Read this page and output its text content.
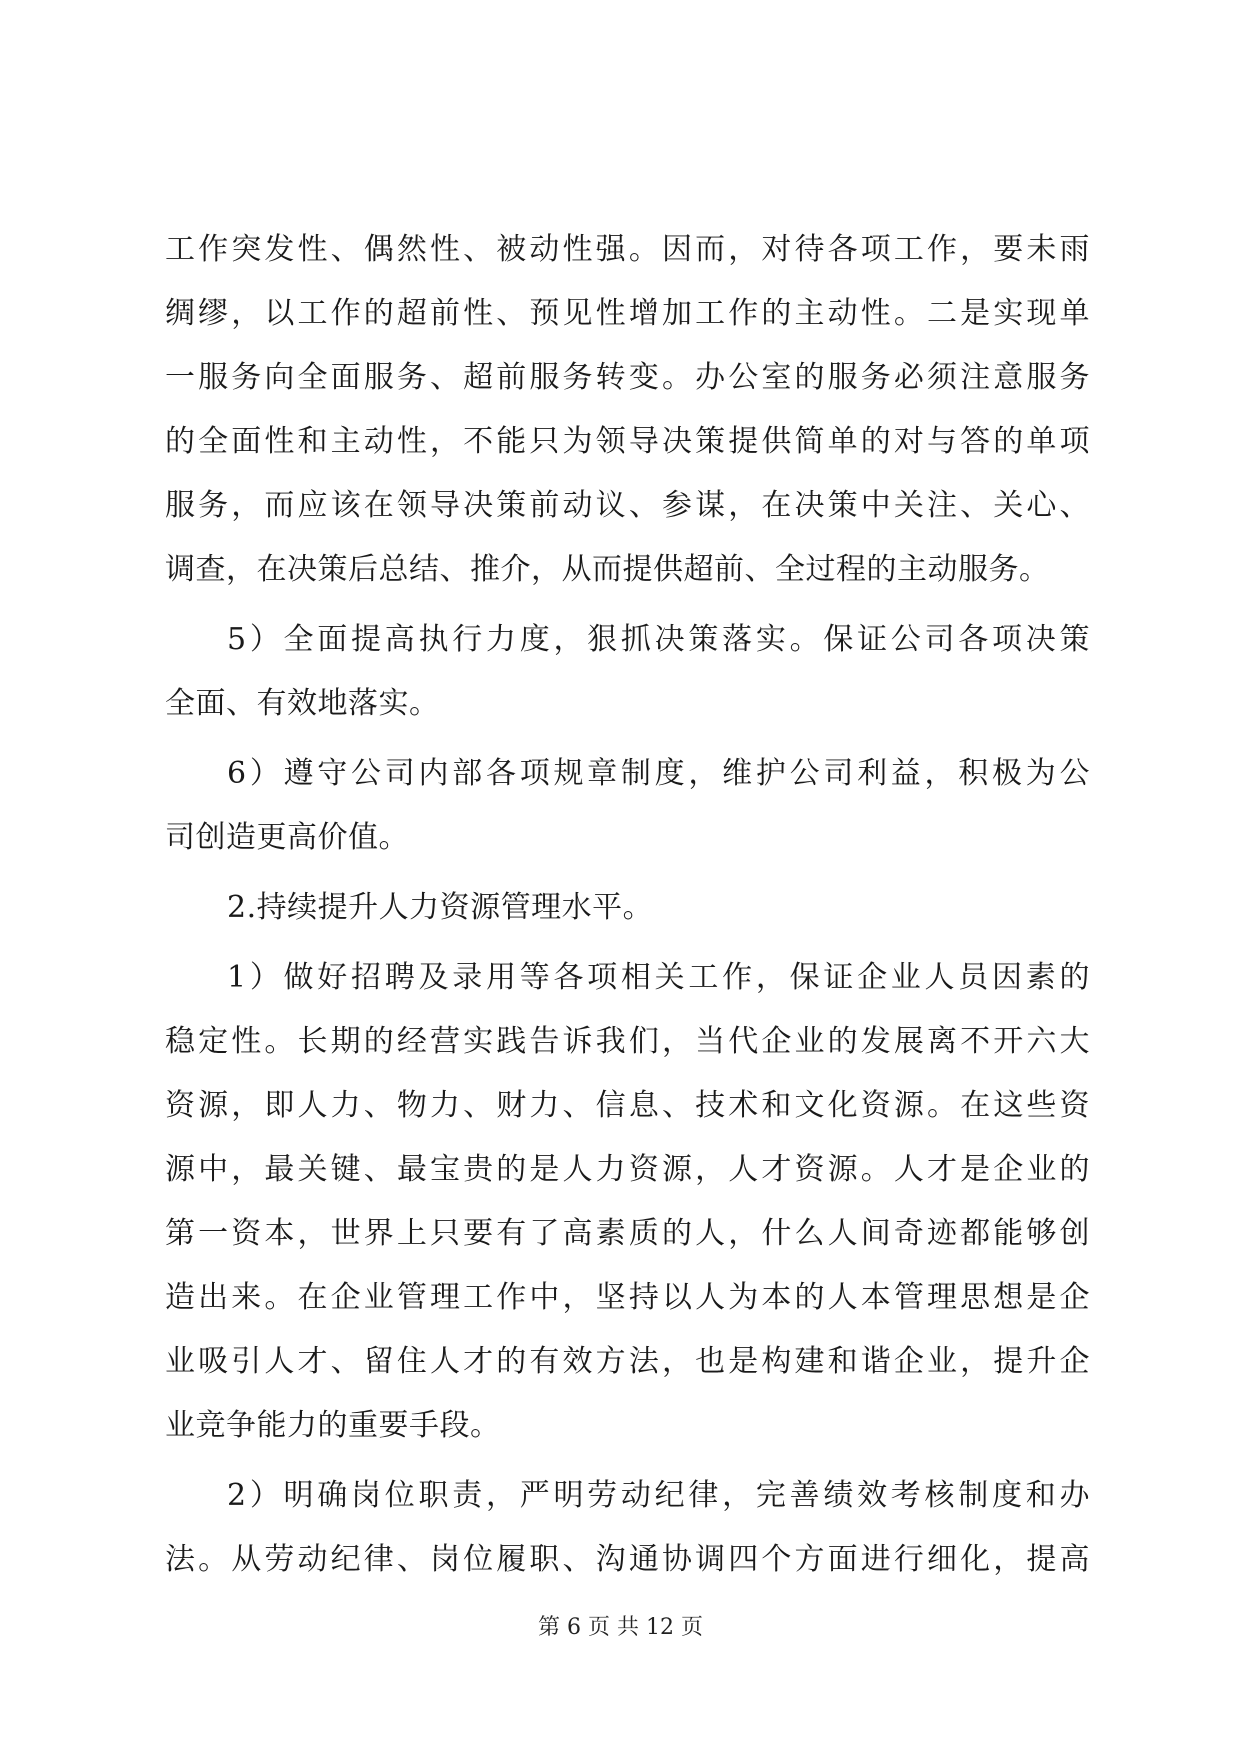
工作突发性、偶然性、被动性强。因而，对待各项工作，要未雨
绸缪，以工作的超前性、预见性增加工作的主动性。二是实现单
一服务向全面服务、超前服务转变。办公室的服务必须注意服务
的全面性和主动性，不能只为领导决策提供简单的对与答的单项
服务，而应该在领导决策前动议、参谋，在决策中关注、关心、
调查，在决策后总结、推介，从而提供超前、全过程的主动服务。
5）全面提高执行力度，狠抓决策落实。保证公司各项决策
全面、有效地落实。
6）遵守公司内部各项规章制度，维护公司利益，积极为公
司创造更高价值。
2.持续提升人力资源管理水平。
1）做好招聘及录用等各项相关工作，保证企业人员因素的
稳定性。长期的经营实践告诉我们，当代企业的发展离不开六大
资源，即人力、物力、财力、信息、技术和文化资源。在这些资
源中，最关键、最宝贵的是人力资源，人才资源。人才是企业的
第一资本，世界上只要有了高素质的人，什么人间奇迹都能够创
造出来。在企业管理工作中，坚持以人为本的人本管理思想是企
业吸引人才、留住人才的有效方法，也是构建和谐企业，提升企
业竞争能力的重要手段。
2）明确岗位职责，严明劳动纪律，完善绩效考核制度和办
法。从劳动纪律、岗位履职、沟通协调四个方面进行细化，提高
第 6 页 共 12 页
